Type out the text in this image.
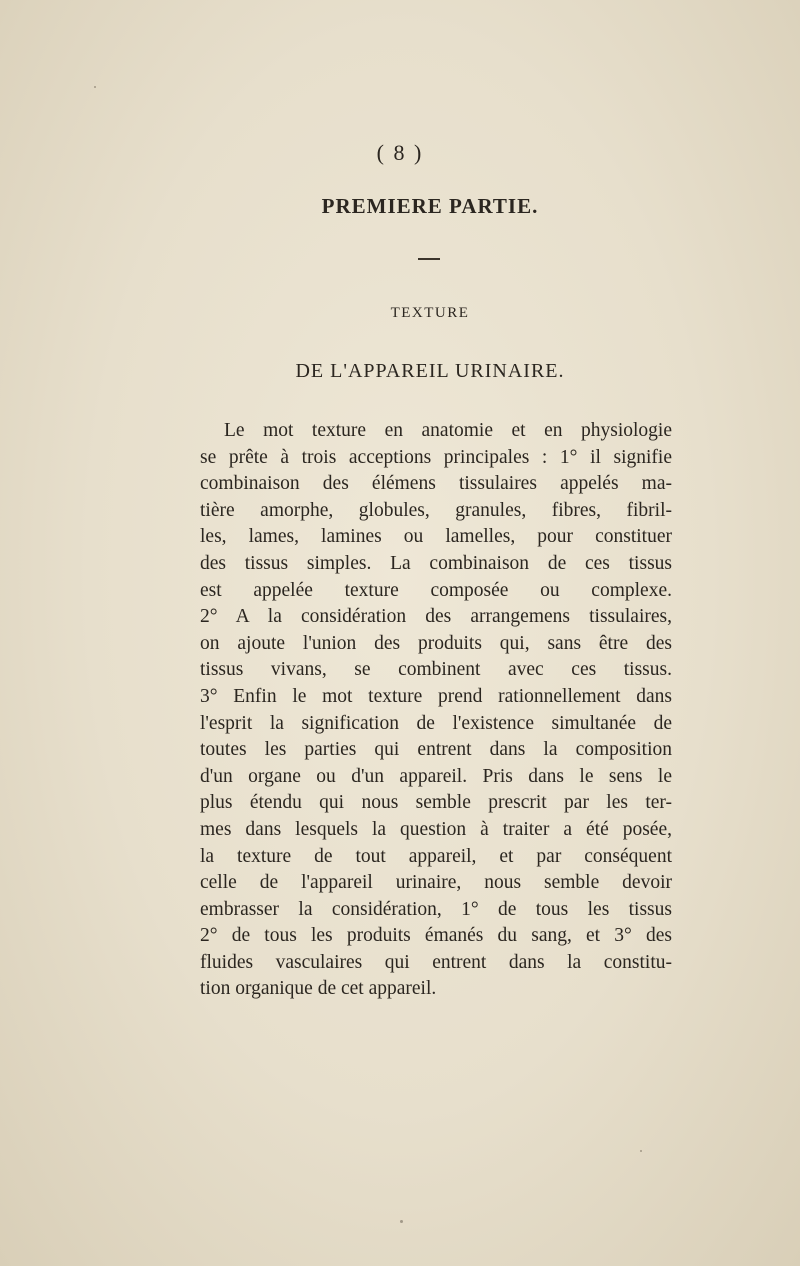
( 8 )
PREMIERE PARTIE.
TEXTURE
DE L'APPAREIL URINAIRE.
Le mot texture en anatomie et en physiologie
se prête à trois acceptions principales : 1° il signifie
combinaison des élémens tissulaires appelés ma-
tière amorphe, globules, granules, fibres, fibril-
les, lames, lamines ou lamelles, pour constituer
des tissus simples. La combinaison de ces tissus
est appelée texture composée ou complexe.
2° A la considération des arrangemens tissulaires,
on ajoute l'union des produits qui, sans être des
tissus vivans, se combinent avec ces tissus.
3° Enfin le mot texture prend rationnellement dans
l'esprit la signification de l'existence simultanée de
toutes les parties qui entrent dans la composition
d'un organe ou d'un appareil. Pris dans le sens le
plus étendu qui nous semble prescrit par les ter-
mes dans lesquels la question à traiter a été posée,
la texture de tout appareil, et par conséquent
celle de l'appareil urinaire, nous semble devoir
embrasser la considération, 1° de tous les tissus
2° de tous les produits émanés du sang, et 3° des
fluides vasculaires qui entrent dans la constitu-
tion organique de cet appareil.
